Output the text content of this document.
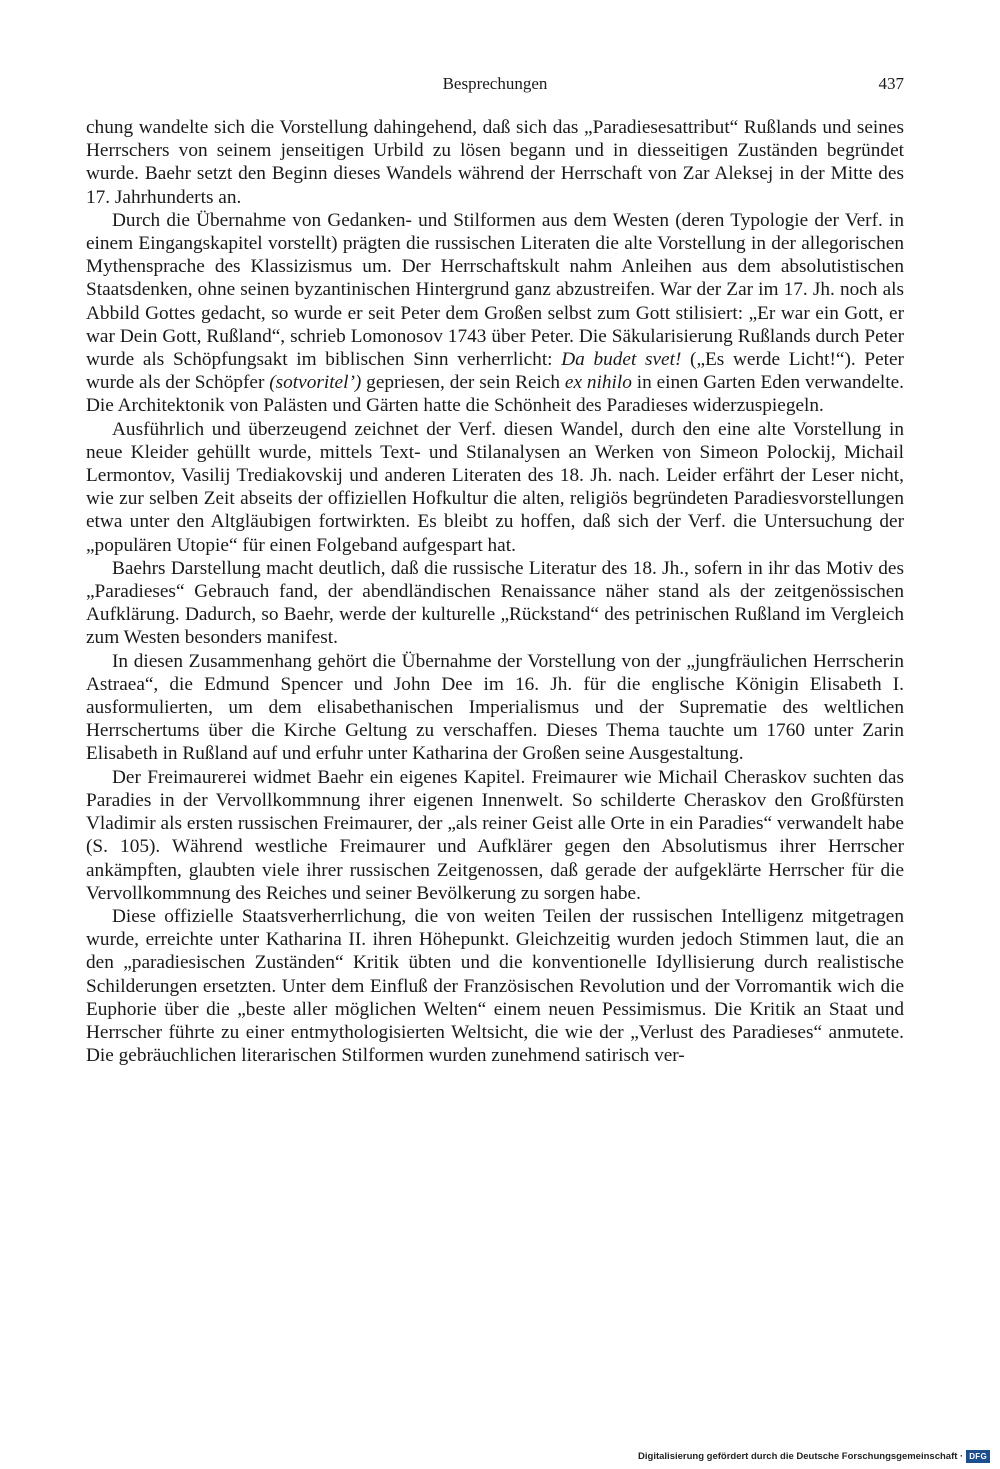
Besprechungen	437

chung wandelte sich die Vorstellung dahingehend, daß sich das „Paradiesesattribut“ Rußlands und seines Herrschers von seinem jenseitigen Urbild zu lösen begann und in diesseitigen Zuständen begründet wurde. Baehr setzt den Beginn dieses Wandels während der Herrschaft von Zar Aleksej in der Mitte des 17. Jahrhunderts an.

Durch die Übernahme von Gedanken- und Stilformen aus dem Westen (deren Typologie der Verf. in einem Eingangskapitel vorstellt) prägten die russischen Literaten die alte Vorstellung in der allegorischen Mythensprache des Klassizismus um. Der Herrschaftskult nahm Anleihen aus dem absolutistischen Staatsdenken, ohne seinen byzantinischen Hintergrund ganz abzustreifen. War der Zar im 17. Jh. noch als Abbild Gottes gedacht, so wurde er seit Peter dem Großen selbst zum Gott stilisiert: „Er war ein Gott, er war Dein Gott, Rußland“, schrieb Lomonosov 1743 über Peter. Die Säkularisierung Rußlands durch Peter wurde als Schöpfungsakt im biblischen Sinn verherrlicht: Da budet svet! („Es werde Licht!“). Peter wurde als der Schöpfer (sotvoritel’) gepriesen, der sein Reich ex nihilo in einen Garten Eden verwandelte. Die Architektonik von Palästen und Gärten hatte die Schönheit des Paradieses widerzuspiegeln.

Ausführlich und überzeugend zeichnet der Verf. diesen Wandel, durch den eine alte Vorstellung in neue Kleider gehüllt wurde, mittels Text- und Stilanalysen an Werken von Simeon Polockij, Michail Lermontov, Vasilij Trediakovskij und anderen Literaten des 18. Jh. nach. Leider erfährt der Leser nicht, wie zur selben Zeit abseits der offiziellen Hofkultur die alten, religiös begründeten Paradiesvorstellungen etwa unter den Altgläubigen fortwirkten. Es bleibt zu hoffen, daß sich der Verf. die Untersuchung der „populären Utopie“ für einen Folgeband aufgespart hat.

Baehrs Darstellung macht deutlich, daß die russische Literatur des 18. Jh., sofern in ihr das Motiv des „Paradieses“ Gebrauch fand, der abendländischen Renaissance näher stand als der zeitgenössischen Aufklärung. Dadurch, so Baehr, werde der kulturelle „Rückstand“ des petrinischen Rußland im Vergleich zum Westen besonders manifest.

In diesen Zusammenhang gehört die Übernahme der Vorstellung von der „jungfräulichen Herrscherin Astraea“, die Edmund Spencer und John Dee im 16. Jh. für die englische Königin Elisabeth I. ausformulierten, um dem elisabethanischen Imperialismus und der Suprematie des weltlichen Herrschertums über die Kirche Geltung zu verschaffen. Dieses Thema tauchte um 1760 unter Zarin Elisabeth in Rußland auf und erfuhr unter Katharina der Großen seine Ausgestaltung.

Der Freimaurerei widmet Baehr ein eigenes Kapitel. Freimaurer wie Michail Cheraskov suchten das Paradies in der Vervollkommnung ihrer eigenen Innenwelt. So schilderte Cheraskov den Großfürsten Vladimir als ersten russischen Freimaurer, der „als reiner Geist alle Orte in ein Paradies“ verwandelt habe (S. 105). Während westliche Freimaurer und Aufklärer gegen den Absolutismus ihrer Herrscher ankämpften, glaubten viele ihrer russischen Zeitgenossen, daß gerade der aufgeklärte Herrscher für die Vervollkommnung des Reiches und seiner Bevölkerung zu sorgen habe.

Diese offizielle Staatsverherrlichung, die von weiten Teilen der russischen Intelligenz mitgetragen wurde, erreichte unter Katharina II. ihren Höhepunkt. Gleichzeitig wurden jedoch Stimmen laut, die an den „paradiesischen Zuständen“ Kritik übten und die konventionelle Idyllisierung durch realistische Schilderungen ersetzten. Unter dem Einfluß der Französischen Revolution und der Vorromantik wich die Euphorie über die „beste aller möglichen Welten“ einem neuen Pessimismus. Die Kritik an Staat und Herrscher führte zu einer entmythologisierten Weltsicht, die wie der „Verlust des Paradieses“ anmutete. Die gebräuchlichen literarischen Stilformen wurden zunehmend satirisch ver-

Digitalisierung gefördert durch die Deutsche Forschungsgemeinschaft · DFG
